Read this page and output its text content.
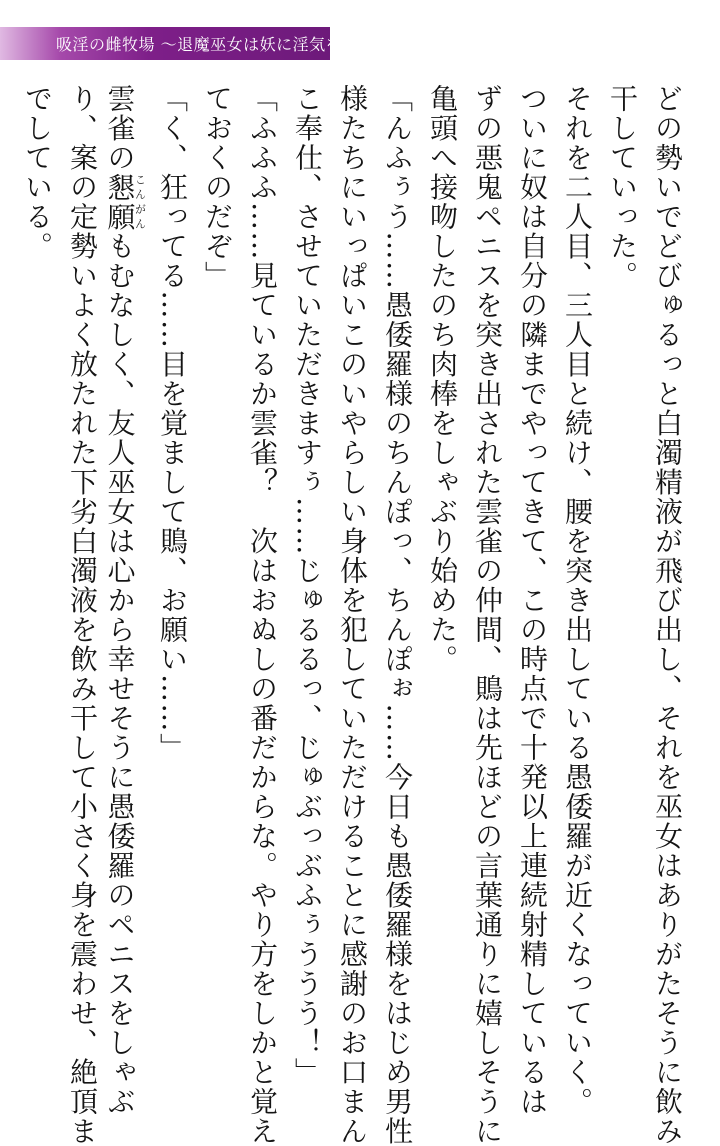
吸淫の雌牧場 〜退魔巫女は妖に淫気を捧ぐ〜
どの勢いでどびゅるっと白濁精液が飛び出し、それを巫女はありがたそうに飲み
干していった。
それを二人目、三人目と続け、腰を突き出している愚倭羅が近くなっていく。
ついに奴は自分の隣までやってきて、この時点で十発以上連続射精しているは
ずの悪鬼ペニスを突き出された雲雀の仲間、鵙は先ほどの言葉通りに嬉しそうに
亀頭へ接吻したのち肉棒をしゃぶり始めた。
「んふぅう……愚倭羅様のちんぽっ、ちんぽぉ……今日も愚倭羅様をはじめ男性
様たちにいっぱいこのいやらしい身体を犯していただけることに感謝のお口まん
こ奉仕、させていただきますぅ……じゅるるっ、じゅぶっぶふぅううう！」
「ふふふ……見ているか雲雀？　次はおぬしの番だからな。やり方をしかと覚え
ておくのだぞ」
「く、狂ってる……目を覚まして鵙、お願い……」
雲雀の懇願こんがんもむなしく、友人巫女は心から幸せそうに愚倭羅のペニスをしゃぶ
り、案の定勢いよく放たれた下劣白濁液を飲み干して小さく身を震わせ、絶頂ま
でしている。
